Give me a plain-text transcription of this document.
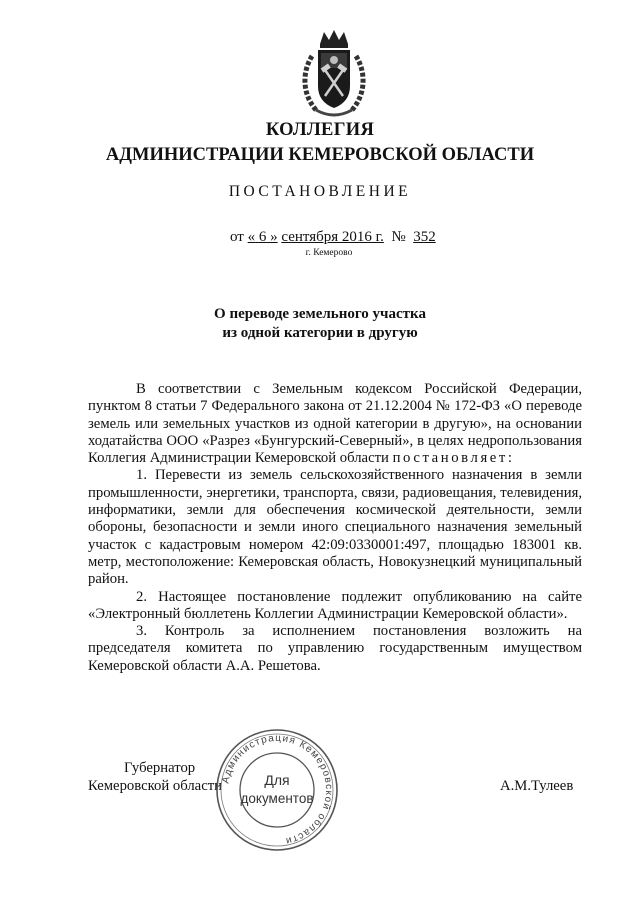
КОЛЛЕГИЯ
АДМИНИСТРАЦИИ КЕМЕРОВСКОЙ ОБЛАСТИ
ПОСТАНОВЛЕНИЕ
от « 6 » сентября 2016 г. № 352
г. Кемерово
О переводе земельного участка
из одной категории в другую

В соответствии с Земельным кодексом Российской Федерации, пунктом 8 статьи 7 Федерального закона от 21.12.2004 № 172-ФЗ «О переводе земель или земельных участков из одной категории в другую», на основании ходатайства ООО «Разрез «Бунгурский-Северный», в целях недропользования Коллегия Администрации Кемеровской области постановляет:

1. Перевести из земель сельскохозяйственного назначения в земли промышленности, энергетики, транспорта, связи, радиовещания, телевидения, информатики, земли для обеспечения космической деятельности, земли обороны, безопасности и земли иного специального назначения земельный участок с кадастровым номером 42:09:0330001:497, площадью 183001 кв. метр, местоположение: Кемеровская область, Новокузнецкий муниципальный район.

2. Настоящее постановление подлежит опубликованию на сайте «Электронный бюллетень Коллегии Администрации Кемеровской области».

3. Контроль за исполнением постановления возложить на председателя комитета по управлению государственным имуществом Кемеровской области А.А. Решетова.

Губернатор
Кемеровской области	А.М.Тулеев
Администрация Кемеровской области
Для
документов
